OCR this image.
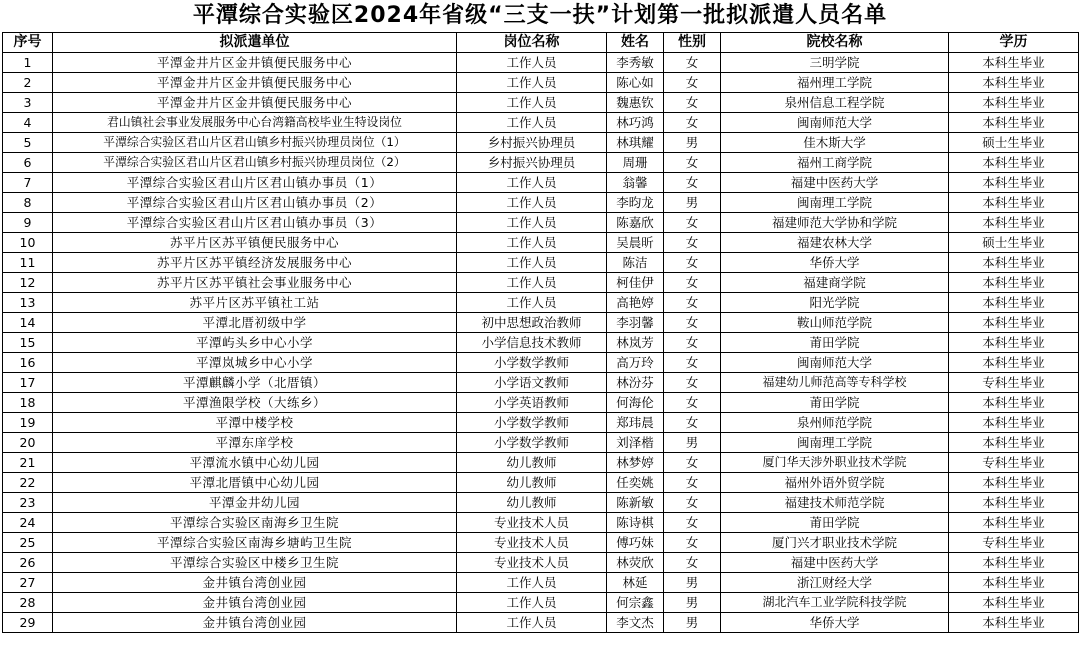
平潭综合实验区2024年省级“三支一扶”计划第一批拟派遣人员名单
序号	拟派遣单位	岗位名称	姓名	性别	院校名称	学历
1	平潭金井片区金井镇便民服务中心	工作人员	李秀敏	女	三明学院	本科生毕业
2	平潭金井片区金井镇便民服务中心	工作人员	陈心如	女	福州理工学院	本科生毕业
3	平潭金井片区金井镇便民服务中心	工作人员	魏惠钦	女	泉州信息工程学院	本科生毕业
4	君山镇社会事业发展服务中心台湾籍高校毕业生特设岗位	工作人员	林巧鸿	女	闽南师范大学	本科生毕业
5	平潭综合实验区君山片区君山镇乡村振兴协理员岗位（1）	乡村振兴协理员	林琪耀	男	佳木斯大学	硕士生毕业
6	平潭综合实验区君山片区君山镇乡村振兴协理员岗位（2）	乡村振兴协理员	周珊	女	福州工商学院	本科生毕业
7	平潭综合实验区君山片区君山镇办事员（1）	工作人员	翁馨	女	福建中医药大学	本科生毕业
8	平潭综合实验区君山片区君山镇办事员（2）	工作人员	李昀龙	男	闽南理工学院	本科生毕业
9	平潭综合实验区君山片区君山镇办事员（3）	工作人员	陈嘉欣	女	福建师范大学协和学院	本科生毕业
10	苏平片区苏平镇便民服务中心	工作人员	吴晨昕	女	福建农林大学	硕士生毕业
11	苏平片区苏平镇经济发展服务中心	工作人员	陈洁	女	华侨大学	本科生毕业
12	苏平片区苏平镇社会事业服务中心	工作人员	柯佳伊	女	福建商学院	本科生毕业
13	苏平片区苏平镇社工站	工作人员	高艳婷	女	阳光学院	本科生毕业
14	平潭北厝初级中学	初中思想政治教师	李羽馨	女	鞍山师范学院	本科生毕业
15	平潭屿头乡中心小学	小学信息技术教师	林岚芳	女	莆田学院	本科生毕业
16	平潭岚城乡中心小学	小学数学教师	高万玲	女	闽南师范大学	本科生毕业
17	平潭麒麟小学（北厝镇）	小学语文教师	林汾芬	女	福建幼儿师范高等专科学校	专科生毕业
18	平潭渔限学校（大练乡）	小学英语教师	何海伦	女	莆田学院	本科生毕业
19	平潭中楼学校	小学数学教师	郑玮晨	女	泉州师范学院	本科生毕业
20	平潭东庠学校	小学数学教师	刘泽楷	男	闽南理工学院	本科生毕业
21	平潭流水镇中心幼儿园	幼儿教师	林梦婷	女	厦门华天涉外职业技术学院	专科生毕业
22	平潭北厝镇中心幼儿园	幼儿教师	任奕姚	女	福州外语外贸学院	本科生毕业
23	平潭金井幼儿园	幼儿教师	陈新敏	女	福建技术师范学院	本科生毕业
24	平潭综合实验区南海乡卫生院	专业技术人员	陈诗棋	女	莆田学院	本科生毕业
25	平潭综合实验区南海乡塘屿卫生院	专业技术人员	傅巧妹	女	厦门兴才职业技术学院	专科生毕业
26	平潭综合实验区中楼乡卫生院	专业技术人员	林荧欣	女	福建中医药大学	本科生毕业
27	金井镇台湾创业园	工作人员	林延	男	浙江财经大学	本科生毕业
28	金井镇台湾创业园	工作人员	何宗鑫	男	湖北汽车工业学院科技学院	本科生毕业
29	金井镇台湾创业园	工作人员	李文杰	男	华侨大学	本科生毕业
